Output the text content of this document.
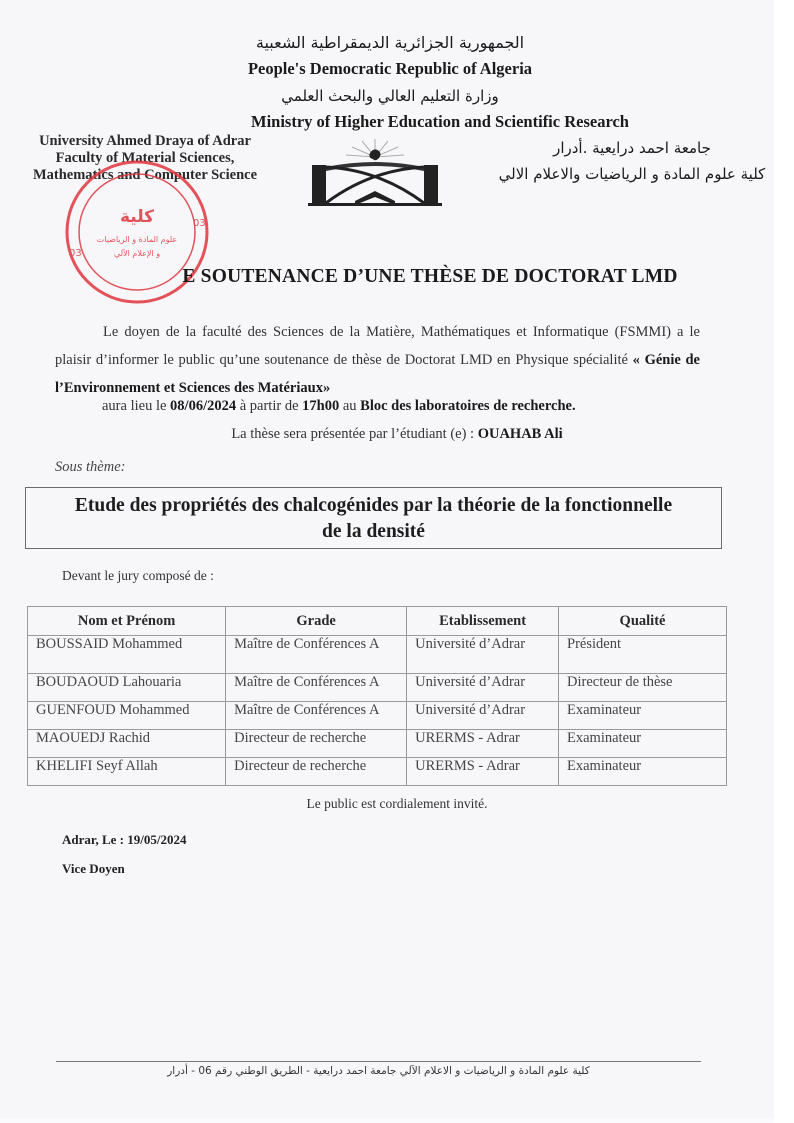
الجمهورية الجزائرية الديمقراطية الشعبية
People's Democratic Republic of Algeria
وزارة التعليم العالي والبحث العلمي
Ministry of Higher Education and Scientific Research
University Ahmed Draya of Adrar
Faculty of Material Sciences,
Mathematics and Computer Science
جامعة احمد درايعية .أدرار
كلية علوم المادة و الرياضيات والاعلام الالي
كلية
علوم المادة و الرياضيات
و الإعلام الآلي
03
03
E SOUTENANCE D’UNE THÈSE DE DOCTORAT LMD
Le doyen de la faculté des Sciences de la Matière, Mathématiques et Informatique (FSMMI) a le plaisir d’informer le public qu’une soutenance de thèse de Doctorat LMD en Physique spécialité « Génie de l’Environnement et Sciences des Matériaux»
aura lieu le 08/06/2024 à partir de 17h00 au Bloc des laboratoires de recherche.
La thèse sera présentée par l’étudiant (e) : OUAHAB Ali
Sous thème:
Etude des propriétés des chalcogénides par la théorie de la fonctionnelle
de la densité
Devant le jury composé de :
Nom et Prénom	Grade	Etablissement	Qualité
BOUSSAID Mohammed	Maître de Conférences A	Université d’Adrar	Président
BOUDAOUD Lahouaria	Maître de Conférences A	Université d’Adrar	Directeur de thèse
GUENFOUD Mohammed	Maître de Conférences A	Université d’Adrar	Examinateur
MAOUEDJ Rachid	Directeur de recherche	URERMS - Adrar	Examinateur
KHELIFI Seyf Allah	Directeur de recherche	URERMS - Adrar	Examinateur
Le public est cordialement invité.
Adrar, Le : 19/05/2024
Vice Doyen
كلية علوم المادة و الرياضيات و الاعلام الآلي جامعة احمد درايعية - الطريق الوطني رقم 06 - أدرار
